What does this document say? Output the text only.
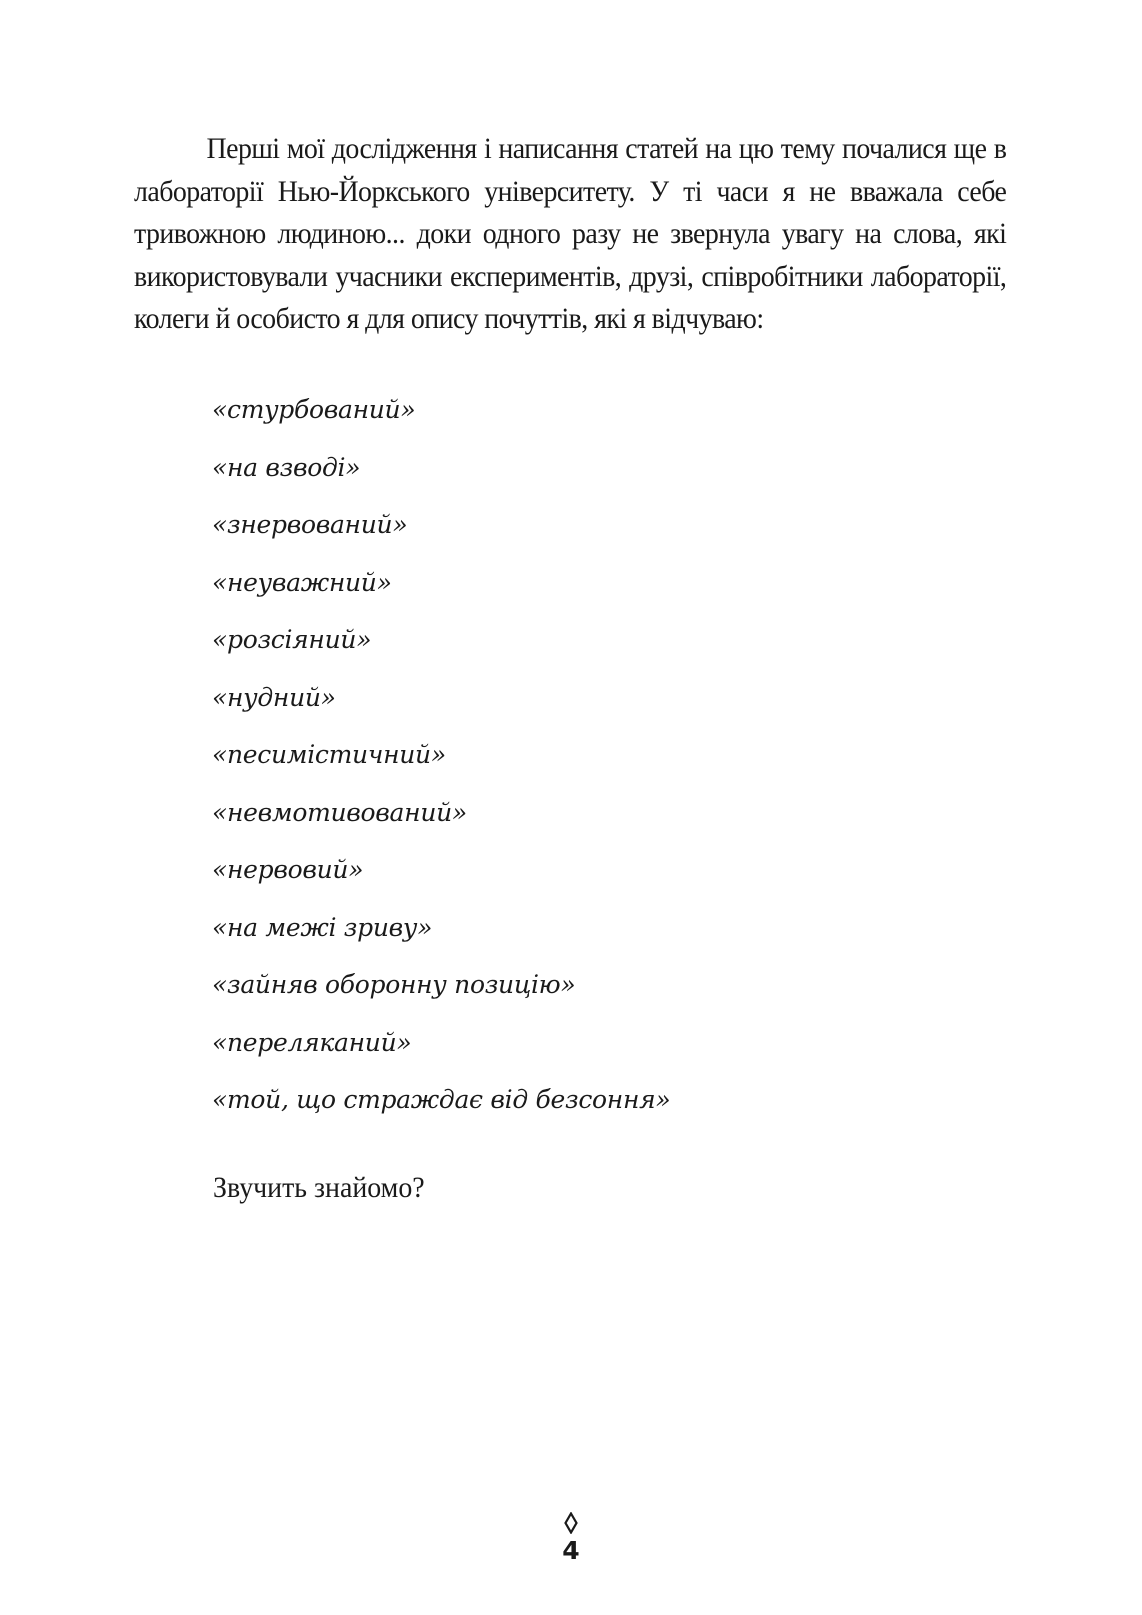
Перші мої дослідження і написання статей на цю тему почалися ще в лабораторії Нью-Йоркського університету. У ті часи я не вважала себе тривожною людиною... доки одного разу не звернула увагу на слова, які використовували учасники експериментів, друзі, співробітники лабораторії, колеги й особисто я для опису почуттів, які я відчуваю:

«стурбований»
«на взводі»
«знервований»
«неуважний»
«розсіяний»
«нудний»
«песимістичний»
«невмотивований»
«нервовий»
«на межі зриву»
«зайняв оборонну позицію»
«переляканий»
«той, що страждає від безсоння»

Звучить знайомо?

4
